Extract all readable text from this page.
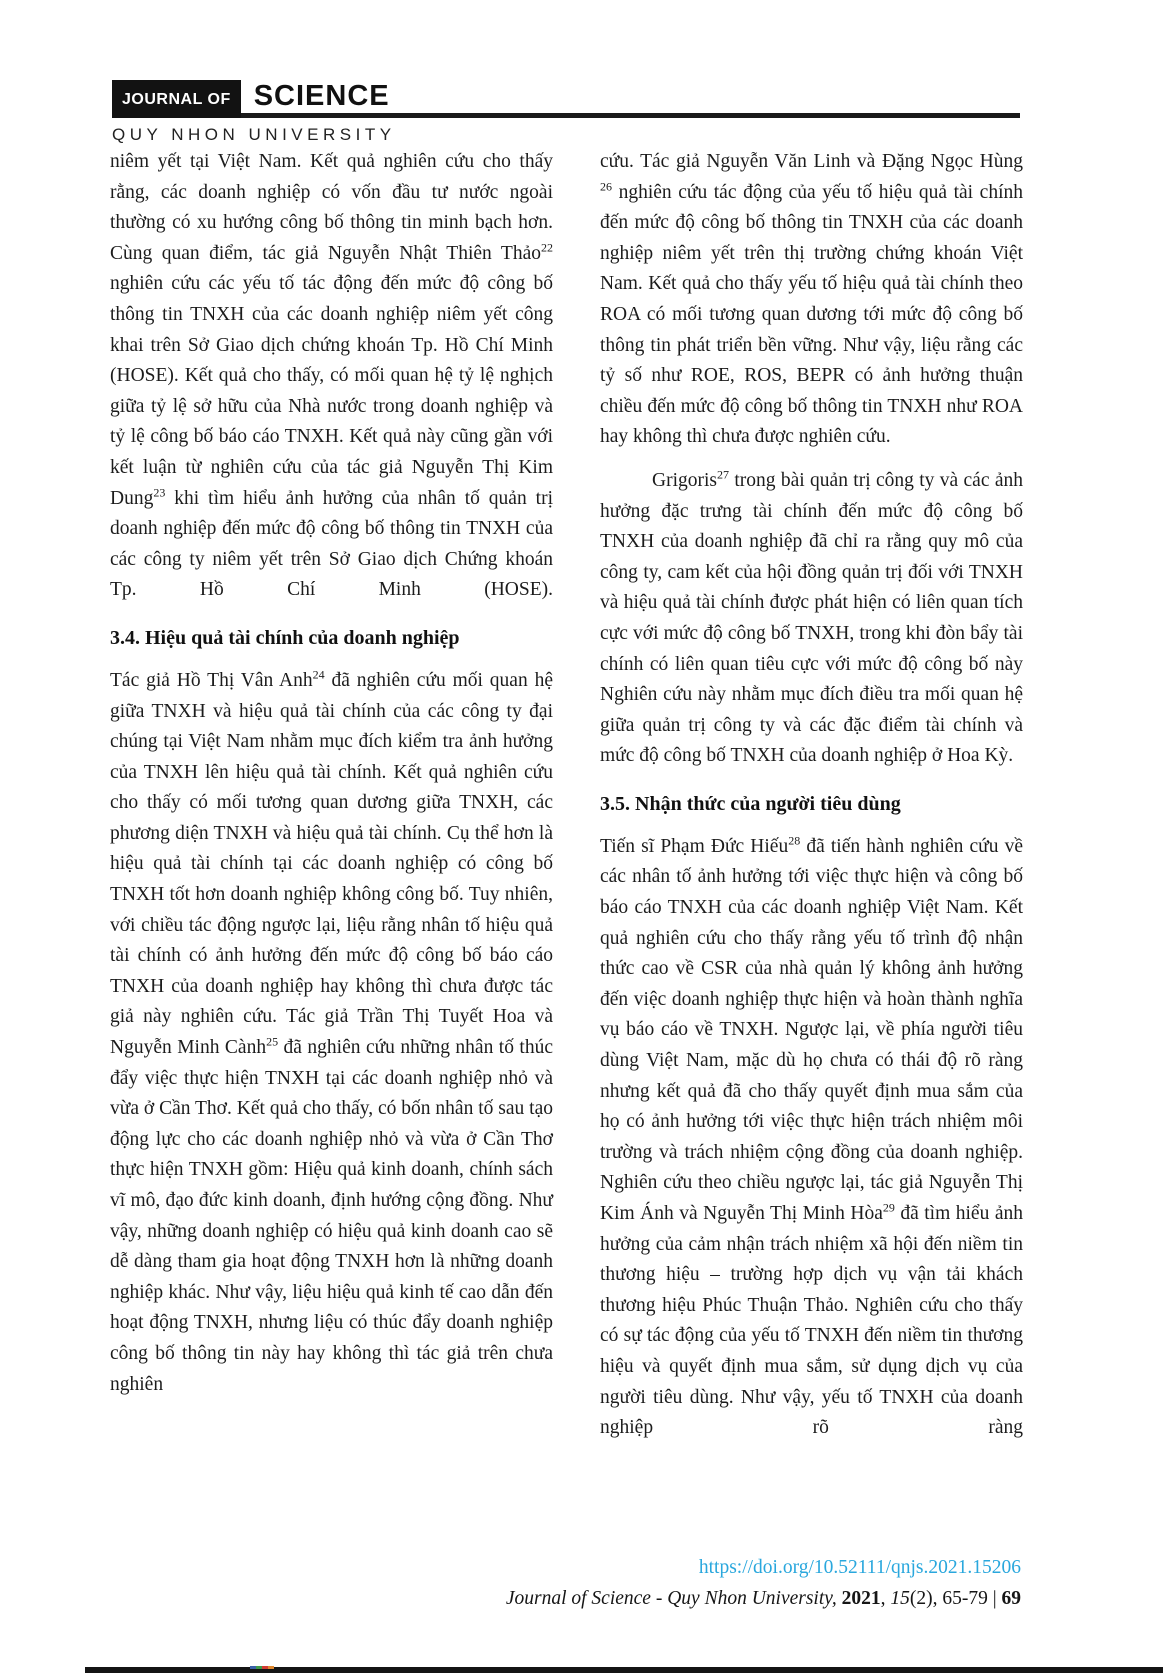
JOURNAL OF SCIENCE
QUY NHON UNIVERSITY

niêm yết tại Việt Nam. Kết quả nghiên cứu cho thấy rằng, các doanh nghiệp có vốn đầu tư nước ngoài thường có xu hướng công bố thông tin minh bạch hơn. Cùng quan điểm, tác giả Nguyễn Nhật Thiên Thảo$^{22}$ nghiên cứu các yếu tố tác động đến mức độ công bố thông tin TNXH của các doanh nghiệp niêm yết công khai trên Sở Giao dịch chứng khoán Tp. Hồ Chí Minh (HOSE). Kết quả cho thấy, có mối quan hệ tỷ lệ nghịch giữa tỷ lệ sở hữu của Nhà nước trong doanh nghiệp và tỷ lệ công bố báo cáo TNXH. Kết quả này cũng gần với kết luận từ nghiên cứu của tác giả Nguyễn Thị Kim Dung$^{23}$ khi tìm hiểu ảnh hưởng của nhân tố quản trị doanh nghiệp đến mức độ công bố thông tin TNXH của các công ty niêm yết trên Sở Giao dịch Chứng khoán Tp. Hồ Chí Minh (HOSE).

3.4. Hiệu quả tài chính của doanh nghiệp

Tác giả Hồ Thị Vân Anh$^{24}$ đã nghiên cứu mối quan hệ giữa TNXH và hiệu quả tài chính của các công ty đại chúng tại Việt Nam nhằm mục đích kiểm tra ảnh hưởng của TNXH lên hiệu quả tài chính. Kết quả nghiên cứu cho thấy có mối tương quan dương giữa TNXH, các phương diện TNXH và hiệu quả tài chính. Cụ thể hơn là hiệu quả tài chính tại các doanh nghiệp có công bố TNXH tốt hơn doanh nghiệp không công bố. Tuy nhiên, với chiều tác động ngược lại, liệu rằng nhân tố hiệu quả tài chính có ảnh hưởng đến mức độ công bố báo cáo TNXH của doanh nghiệp hay không thì chưa được tác giả này nghiên cứu. Tác giả Trần Thị Tuyết Hoa và Nguyễn Minh Cành$^{25}$ đã nghiên cứu những nhân tố thúc đẩy việc thực hiện TNXH tại các doanh nghiệp nhỏ và vừa ở Cần Thơ. Kết quả cho thấy, có bốn nhân tố sau tạo động lực cho các doanh nghiệp nhỏ và vừa ở Cần Thơ thực hiện TNXH gồm: Hiệu quả kinh doanh, chính sách vĩ mô, đạo đức kinh doanh, định hướng cộng đồng. Như vậy, những doanh nghiệp có hiệu quả kinh doanh cao sẽ dễ dàng tham gia hoạt động TNXH hơn là những doanh nghiệp khác. Như vậy, liệu hiệu quả kinh tế cao dẫn đến hoạt động TNXH, nhưng liệu có thúc đẩy doanh nghiệp công bố thông tin này hay không thì tác giả trên chưa nghiên

cứu. Tác giả Nguyễn Văn Linh và Đặng Ngọc Hùng $^{26}$ nghiên cứu tác động của yếu tố hiệu quả tài chính đến mức độ công bố thông tin TNXH của các doanh nghiệp niêm yết trên thị trường chứng khoán Việt Nam. Kết quả cho thấy yếu tố hiệu quả tài chính theo ROA có mối tương quan dương tới mức độ công bố thông tin phát triển bền vững. Như vậy, liệu rằng các tỷ số như ROE, ROS, BEPR có ảnh hưởng thuận chiều đến mức độ công bố thông tin TNXH như ROA hay không thì chưa được nghiên cứu.

Grigoris$^{27}$ trong bài quản trị công ty và các ảnh hưởng đặc trưng tài chính đến mức độ công bố TNXH của doanh nghiệp đã chỉ ra rằng quy mô của công ty, cam kết của hội đồng quản trị đối với TNXH và hiệu quả tài chính được phát hiện có liên quan tích cực với mức độ công bố TNXH, trong khi đòn bẩy tài chính có liên quan tiêu cực với mức độ công bố này Nghiên cứu này nhằm mục đích điều tra mối quan hệ giữa quản trị công ty và các đặc điểm tài chính và mức độ công bố TNXH của doanh nghiệp ở Hoa Kỳ.

3.5. Nhận thức của người tiêu dùng

Tiến sĩ Phạm Đức Hiếu$^{28}$ đã tiến hành nghiên cứu về các nhân tố ảnh hưởng tới việc thực hiện và công bố báo cáo TNXH của các doanh nghiệp Việt Nam. Kết quả nghiên cứu cho thấy rằng yếu tố trình độ nhận thức cao về CSR của nhà quản lý không ảnh hưởng đến việc doanh nghiệp thực hiện và hoàn thành nghĩa vụ báo cáo về TNXH. Ngược lại, về phía người tiêu dùng Việt Nam, mặc dù họ chưa có thái độ rõ ràng nhưng kết quả đã cho thấy quyết định mua sắm của họ có ảnh hưởng tới việc thực hiện trách nhiệm môi trường và trách nhiệm cộng đồng của doanh nghiệp. Nghiên cứu theo chiều ngược lại, tác giả Nguyễn Thị Kim Ánh và Nguyễn Thị Minh Hòa$^{29}$ đã tìm hiểu ảnh hưởng của cảm nhận trách nhiệm xã hội đến niềm tin thương hiệu – trường hợp dịch vụ vận tải khách thương hiệu Phúc Thuận Thảo. Nghiên cứu cho thấy có sự tác động của yếu tố TNXH đến niềm tin thương hiệu và quyết định mua sắm, sử dụng dịch vụ của người tiêu dùng. Như vậy, yếu tố TNXH của doanh nghiệp rõ ràng

https://doi.org/10.52111/qnjs.2021.15206
Journal of Science - Quy Nhon University, 2021, 15(2), 65-79 | 69
